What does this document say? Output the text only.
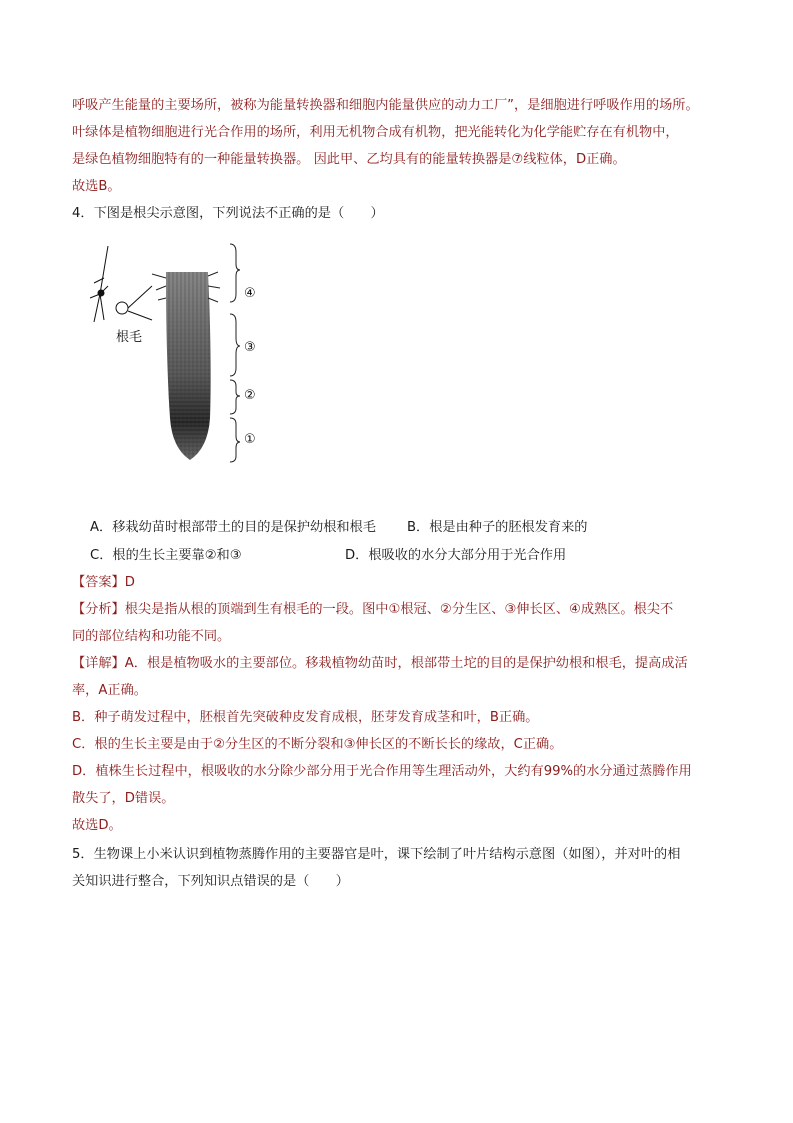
呼吸产生能量的主要场所，被称为能量转换器和细胞内能量供应的动力工厂”，是细胞进行呼吸作用的场所。
叶绿体是植物细胞进行光合作用的场所，利用无机物合成有机物，把光能转化为化学能贮存在有机物中，
是绿色植物细胞特有的一种能量转换器。 因此甲、乙均具有的能量转换器是⑦线粒体，D正确。
故选B。
4．下图是根尖示意图，下列说法不正确的是（　　）
根毛
④
③
②
①
A．移栽幼苗时根部带土的目的是保护幼根和根毛 B．根是由种子的胚根发育来的
C．根的生长主要靠②和③	D．根吸收的水分大部分用于光合作用
【答案】D
【分析】根尖是指从根的顶端到生有根毛的一段。图中①根冠、②分生区、③伸长区、④成熟区。根尖不
同的部位结构和功能不同。
【详解】A．根是植物吸水的主要部位。移栽植物幼苗时，根部带土坨的目的是保护幼根和根毛，提高成活
率，A正确。
B．种子萌发过程中，胚根首先突破种皮发育成根，胚芽发育成茎和叶，B正确。
C．根的生长主要是由于②分生区的不断分裂和③伸长区的不断长长的缘故，C正确。
D．植株生长过程中，根吸收的水分除少部分用于光合作用等生理活动外，大约有99%的水分通过蒸腾作用
散失了，D错误。
故选D。
5．生物课上小米认识到植物蒸腾作用的主要器官是叶，课下绘制了叶片结构示意图（如图），并对叶的相
关知识进行整合，下列知识点错误的是（　　）
